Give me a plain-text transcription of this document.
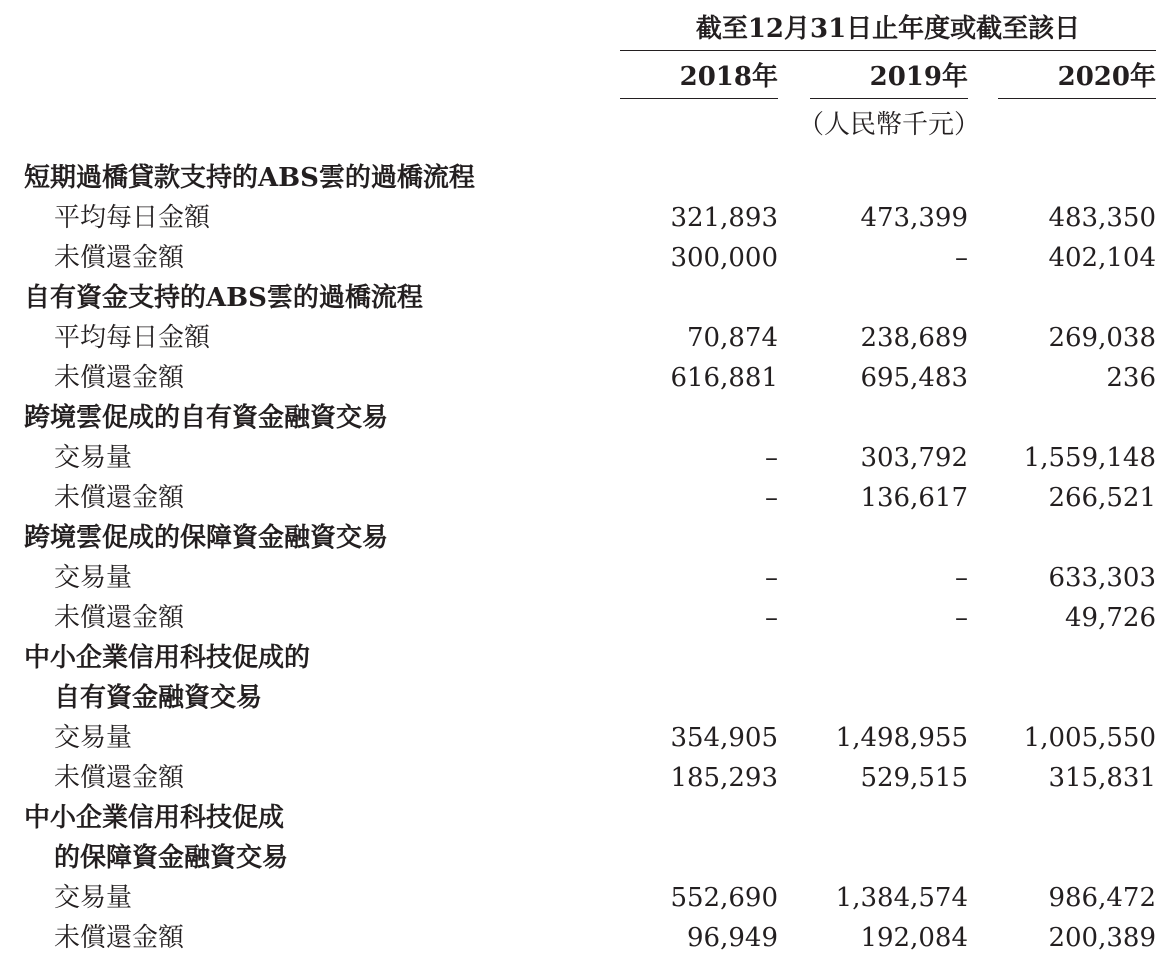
截至12月31日止年度或截至該日
2018年	2019年	2020年
（人民幣千元）
短期過橋貸款支持的ABS雲的過橋流程
平均每日金額	321,893	473,399	483,350
未償還金額	300,000	–	402,104
自有資金支持的ABS雲的過橋流程
平均每日金額	70,874	238,689	269,038
未償還金額	616,881	695,483	236
跨境雲促成的自有資金融資交易
交易量	–	303,792	1,559,148
未償還金額	–	136,617	266,521
跨境雲促成的保障資金融資交易
交易量	–	–	633,303
未償還金額	–	–	49,726
中小企業信用科技促成的
自有資金融資交易
交易量	354,905	1,498,955	1,005,550
未償還金額	185,293	529,515	315,831
中小企業信用科技促成
的保障資金融資交易
交易量	552,690	1,384,574	986,472
未償還金額	96,949	192,084	200,389
